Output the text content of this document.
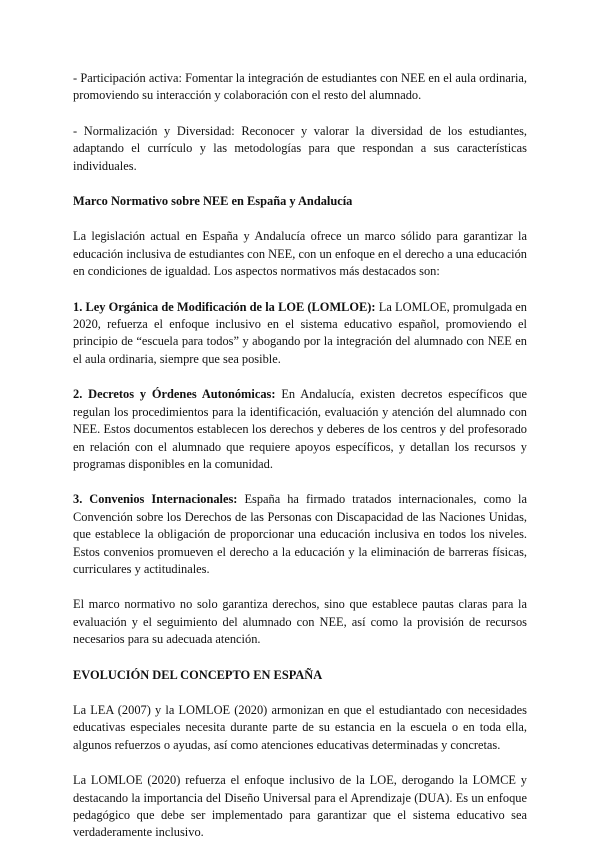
- Participación activa: Fomentar la integración de estudiantes con NEE en el aula ordinaria, promoviendo su interacción y colaboración con el resto del alumnado.

- Normalización y Diversidad: Reconocer y valorar la diversidad de los estudiantes, adaptando el currículo y las metodologías para que respondan a sus características individuales.

Marco Normativo sobre NEE en España y Andalucía

La legislación actual en España y Andalucía ofrece un marco sólido para garantizar la educación inclusiva de estudiantes con NEE, con un enfoque en el derecho a una educación en condiciones de igualdad. Los aspectos normativos más destacados son:

1. Ley Orgánica de Modificación de la LOE (LOMLOE): La LOMLOE, promulgada en 2020, refuerza el enfoque inclusivo en el sistema educativo español, promoviendo el principio de “escuela para todos” y abogando por la integración del alumnado con NEE en el aula ordinaria, siempre que sea posible.

2. Decretos y Órdenes Autonómicas: En Andalucía, existen decretos específicos que regulan los procedimientos para la identificación, evaluación y atención del alumnado con NEE. Estos documentos establecen los derechos y deberes de los centros y del profesorado en relación con el alumnado que requiere apoyos específicos, y detallan los recursos y programas disponibles en la comunidad.

3. Convenios Internacionales: España ha firmado tratados internacionales, como la Convención sobre los Derechos de las Personas con Discapacidad de las Naciones Unidas, que establece la obligación de proporcionar una educación inclusiva en todos los niveles. Estos convenios promueven el derecho a la educación y la eliminación de barreras físicas, curriculares y actitudinales.

El marco normativo no solo garantiza derechos, sino que establece pautas claras para la evaluación y el seguimiento del alumnado con NEE, así como la provisión de recursos necesarios para su adecuada atención.

EVOLUCIÓN DEL CONCEPTO EN ESPAÑA

La LEA (2007) y la LOMLOE (2020) armonizan en que el estudiantado con necesidades educativas especiales necesita durante parte de su estancia en la escuela o en toda ella, algunos refuerzos o ayudas, así como atenciones educativas determinadas y concretas.

La LOMLOE (2020) refuerza el enfoque inclusivo de la LOE, derogando la LOMCE y destacando la importancia del Diseño Universal para el Aprendizaje (DUA). Es un enfoque pedagógico que debe ser implementado para garantizar que el sistema educativo sea verdaderamente inclusivo.
